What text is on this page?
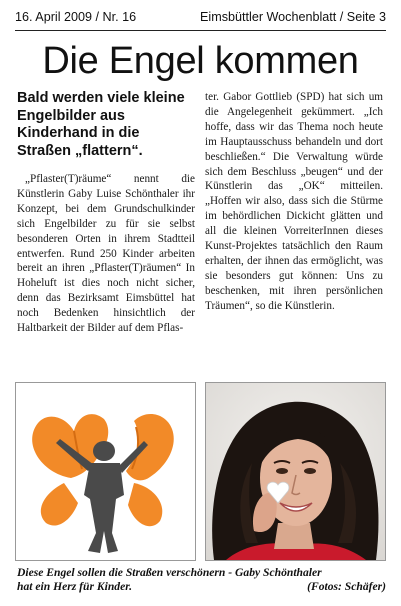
16. April 2009 / Nr. 16	Eimsbüttler Wochenblatt / Seite 3
Die Engel kommen

Bald werden viele kleine Engelbilder aus Kinderhand in die Straßen „flattern“.

„Pflaster(T)räume“ nennt die Künstlerin Gaby Luise Schönthaler ihr Konzept, bei dem Grundschulkinder sich Engelbilder zu für sie selbst besonderen Orten in ihrem Stadtteil entwerfen. Rund 250 Kinder arbeiten bereit an ihren „Pflaster(T)räumen“ In Hoheluft ist dies noch nicht sicher, denn das Bezirksamt Eimsbüttel hat noch Bedenken hinsichtlich der Haltbarkeit der Bilder auf dem Pflas-

ter. Gabor Gottlieb (SPD) hat sich um die Angelegenheit gekümmert. „Ich hoffe, dass wir das Thema noch heute im Hauptausschuss behandeln und dort beschließen.“ Die Verwaltung würde sich dem Beschluss „beugen“ und der Künstlerin das „OK“ mitteilen. „Hoffen wir also, dass sich die Stürme im behördlichen Dickicht glätten und all die kleinen VorreiterInnen dieses Kunst-Projektes tatsächlich den Raum erhalten, der ihnen das ermöglicht, was sie besonders gut können: Uns zu beschenken, mit ihren persönlichen Träumen“, so die Künstlerin.

Diese Engel sollen die Straßen verschönern - Gaby Schönthaler
hat ein Herz für Kinder.	(Fotos: Schäfer)
